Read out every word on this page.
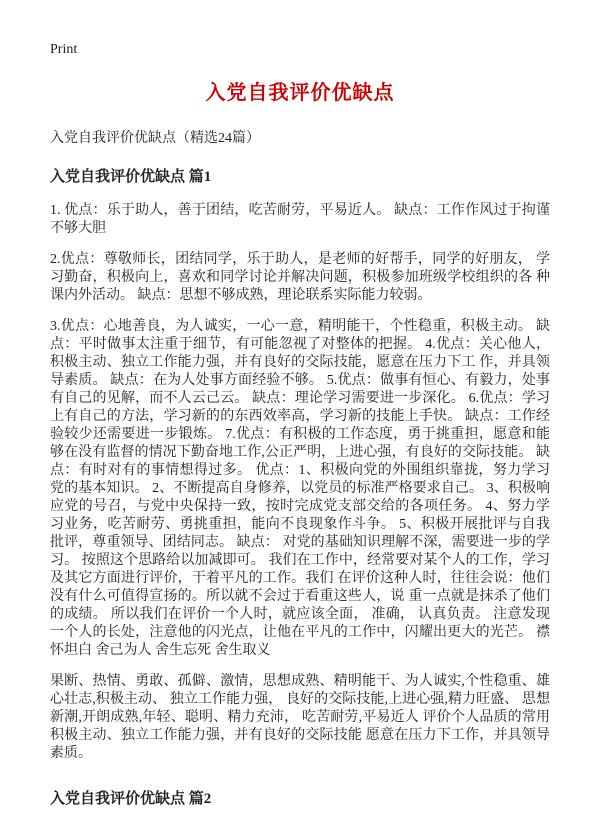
Print
入党自我评价优缺点

入党自我评价优缺点（精选24篇）

入党自我评价优缺点 篇1

1. 优点：乐于助人，善于团结，吃苦耐劳，平易近人。 缺点：工作作风过于拘谨不够大胆

2.优点：尊敬师长，团结同学，乐于助人，是老师的好帮手，同学的好朋友， 学习勤奋，积极向上，喜欢和同学讨论并解决问题，积极参加班级学校组织的各 种课内外活动。 缺点：思想不够成熟，理论联系实际能力较弱。

3.优点：心地善良，为人诚实，一心一意，精明能干，个性稳重，积极主动。 缺点：平时做事太注重于细节，有可能忽视了对整体的把握。 4.优点：关心他人，积极主动、独立工作能力强，并有良好的交际技能，愿意在压力下工 作，并具领导素质。 缺点：在为人处事方面经验不够。 5.优点：做事有恒心、有毅力，处事有自己的见解，而不人云己云。 缺点：理论学习需要进一步深化。 6.优点：学习上有自己的方法，学习新的的东西效率高，学习新的技能上手快。 缺点：工作经验较少还需要进一步锻炼。 7.优点：有积极的工作态度，勇于挑重担，愿意和能够在没有监督的情况下勤奋地工作,公正严明，上进心强，有良好的交际技能。 缺点：有时对有的事情想得过多。 优点：1、积极向党的外围组织靠拢，努力学习党的基本知识。 2、不断提高自身修养，以党员的标准严格要求自己。 3、积极响应党的号召，与党中央保持一致，按时完成党支部交给的各项任务。 4、努力学习业务，吃苦耐劳、勇挑重担，能向不良现象作斗争。 5、积极开展批评与自我批评，尊重领导、团结同志。 缺点： 对党的基础知识理解不深，需要进一步的学习。 按照这个思路给以加减即可。 我们在工作中，经常要对某个人的工作，学习及其它方面进行评价，干着平凡的工作。我们 在评价这种人时，往往会说：他们没有什么可值得宣扬的。所以就不会过于看重这些人，说 重一点就是抹杀了他们的成绩。 所以我们在评价一个人时，就应该全面， 准确， 认真负责。 注意发现一个人的长处，注意他的闪光点，让他在平凡的工作中，闪耀出更大的光芒。 襟怀坦白 舍己为人 舍生忘死 舍生取义

果断、热情、勇敢、孤僻、激情，思想成熟、精明能干、为人诚实,个性稳重、雄心壮志,积极主动、 独立工作能力强， 良好的交际技能,上进心强,精力旺盛、 思想新潮,开朗成熟,年轻、聪明、精力充沛， 吃苦耐劳,平易近人 评价个人品质的常用积极主动、独立工作能力强，并有良好的交际技能 愿意在压力下工作，并具领导素质。

入党自我评价优缺点 篇2
